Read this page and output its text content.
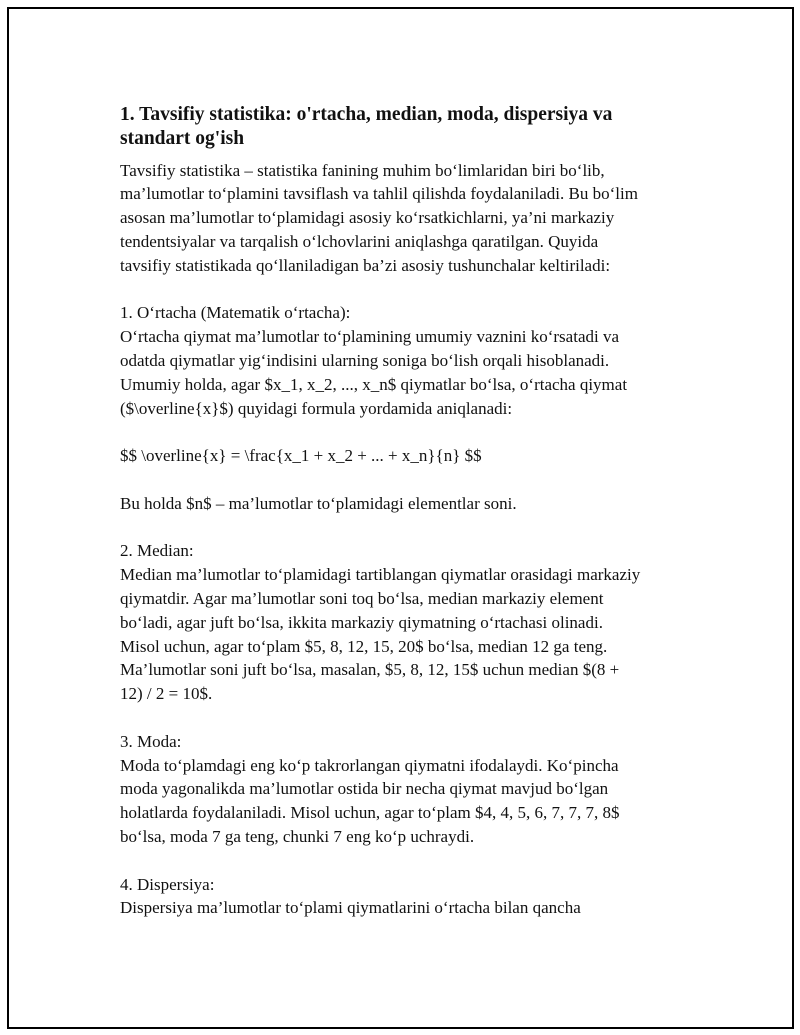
1. Tavsifiy statistika: o'rtacha, median, moda, dispersiya va
standart og'ish
Tavsifiy statistika – statistika fanining muhim bo‘limlaridan biri bo‘lib,
ma’lumotlar to‘plamini tavsiflash va tahlil qilishda foydalaniladi. Bu bo‘lim
asosan ma’lumotlar to‘plamidagi asosiy ko‘rsatkichlarni, ya’ni markaziy
tendentsiyalar va tarqalish o‘lchovlarini aniqlashga qaratilgan. Quyida
tavsifiy statistikada qo‘llaniladigan ba’zi asosiy tushunchalar keltiriladi:
1. O‘rtacha (Matematik o‘rtacha):
O‘rtacha qiymat ma’lumotlar to‘plamining umumiy vaznini ko‘rsatadi va
odatda qiymatlar yig‘indisini ularning soniga bo‘lish orqali hisoblanadi.
Umumiy holda, agar $x_1, x_2, ..., x_n$ qiymatlar bo‘lsa, o‘rtacha qiymat
($\overline{x}$) quyidagi formula yordamida aniqlanadi:
$$ \overline{x} = \frac{x_1 + x_2 + ... + x_n}{n} $$
Bu holda $n$ – ma’lumotlar to‘plamidagi elementlar soni.
2. Median:
Median ma’lumotlar to‘plamidagi tartiblangan qiymatlar orasidagi markaziy
qiymatdir. Agar ma’lumotlar soni toq bo‘lsa, median markaziy element
bo‘ladi, agar juft bo‘lsa, ikkita markaziy qiymatning o‘rtachasi olinadi.
Misol uchun, agar to‘plam $5, 8, 12, 15, 20$ bo‘lsa, median 12 ga teng.
Ma’lumotlar soni juft bo‘lsa, masalan, $5, 8, 12, 15$ uchun median $(8 +
12) / 2 = 10$.
3. Moda:
Moda to‘plamdagi eng ko‘p takrorlangan qiymatni ifodalaydi. Ko‘pincha
moda yagonalikda ma’lumotlar ostida bir necha qiymat mavjud bo‘lgan
holatlarda foydalaniladi. Misol uchun, agar to‘plam $4, 4, 5, 6, 7, 7, 7, 8$
bo‘lsa, moda 7 ga teng, chunki 7 eng ko‘p uchraydi.
4. Dispersiya:
Dispersiya ma’lumotlar to‘plami qiymatlarini o‘rtacha bilan qancha
